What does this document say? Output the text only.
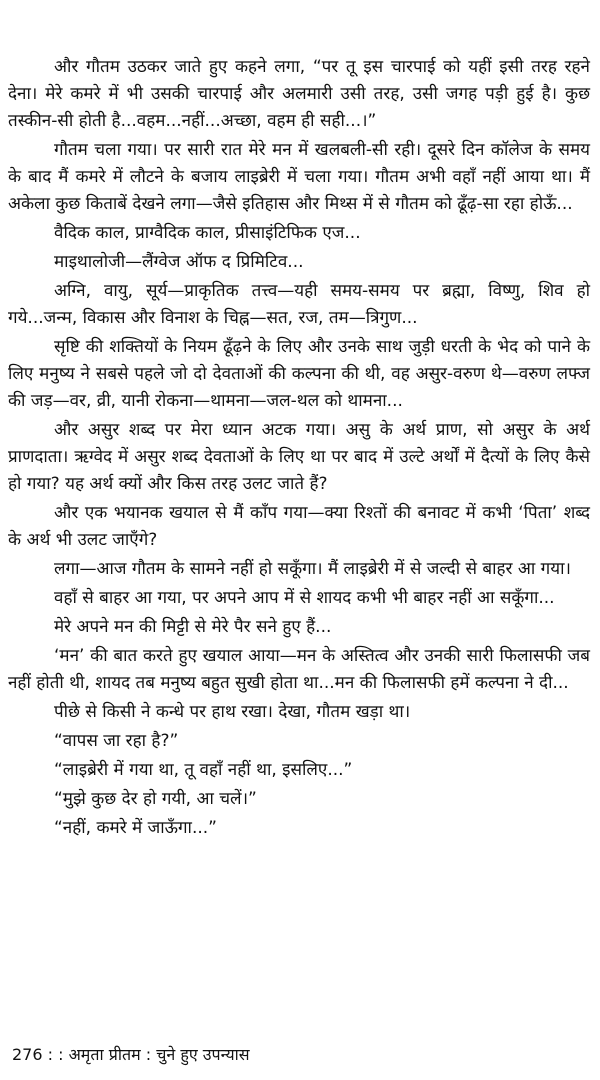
और गौतम उठकर जाते हुए कहने लगा, “पर तू इस चारपाई को यहीं इसी तरह रहने देना। मेरे कमरे में भी उसकी चारपाई और अलमारी उसी तरह, उसी जगह पड़ी हुई है। कुछ तस्कीन-सी होती है...वहम...नहीं...अच्छा, वहम ही सही...।”

गौतम चला गया। पर सारी रात मेरे मन में खलबली-सी रही। दूसरे दिन कॉलेज के समय के बाद मैं कमरे में लौटने के बजाय लाइब्रेरी में चला गया। गौतम अभी वहाँ नहीं आया था। मैं अकेला कुछ किताबें देखने लगा—जैसे इतिहास और मिथ्स में से गौतम को ढूँढ़-सा रहा होऊँ...

वैदिक काल, प्राग्वैदिक काल, प्रीसाइंटिफिक एज...

माइथालोजी—लैंग्वेज ऑफ द प्रिमिटिव...

अग्नि, वायु, सूर्य—प्राकृतिक तत्त्व—यही समय-समय पर ब्रह्मा, विष्णु, शिव हो गये...जन्म, विकास और विनाश के चिह्न—सत, रज, तम—त्रिगुण...

सृष्टि की शक्तियों के नियम ढूँढ़ने के लिए और उनके साथ जुड़ी धरती के भेद को पाने के लिए मनुष्य ने सबसे पहले जो दो देवताओं की कल्पना की थी, वह असुर-वरुण थे—वरुण लफ्ज की जड़—वर, व्री, यानी रोकना—थामना—जल-थल को थामना...

और असुर शब्द पर मेरा ध्यान अटक गया। असु के अर्थ प्राण, सो असुर के अर्थ प्राणदाता। ऋग्वेद में असुर शब्द देवताओं के लिए था पर बाद में उल्टे अर्थों में दैत्यों के लिए कैसे हो गया? यह अर्थ क्यों और किस तरह उलट जाते हैं?

और एक भयानक खयाल से मैं काँप गया—क्या रिश्तों की बनावट में कभी ‘पिता’ शब्द के अर्थ भी उलट जाएँगे?

लगा—आज गौतम के सामने नहीं हो सकूँगा। मैं लाइब्रेरी में से जल्दी से बाहर आ गया।

वहाँ से बाहर आ गया, पर अपने आप में से शायद कभी भी बाहर नहीं आ सकूँगा...

मेरे अपने मन की मिट्टी से मेरे पैर सने हुए हैं...

‘मन’ की बात करते हुए खयाल आया—मन के अस्तित्व और उनकी सारी फिलासफी जब नहीं होती थी, शायद तब मनुष्य बहुत सुखी होता था...मन की फिलासफी हमें कल्पना ने दी...

पीछे से किसी ने कन्धे पर हाथ रखा। देखा, गौतम खड़ा था।

“वापस जा रहा है?”

“लाइब्रेरी में गया था, तू वहाँ नहीं था, इसलिए...”

“मुझे कुछ देर हो गयी, आ चलें।”

“नहीं, कमरे में जाऊँगा...”

276 : : अमृता प्रीतम : चुने हुए उपन्यास
